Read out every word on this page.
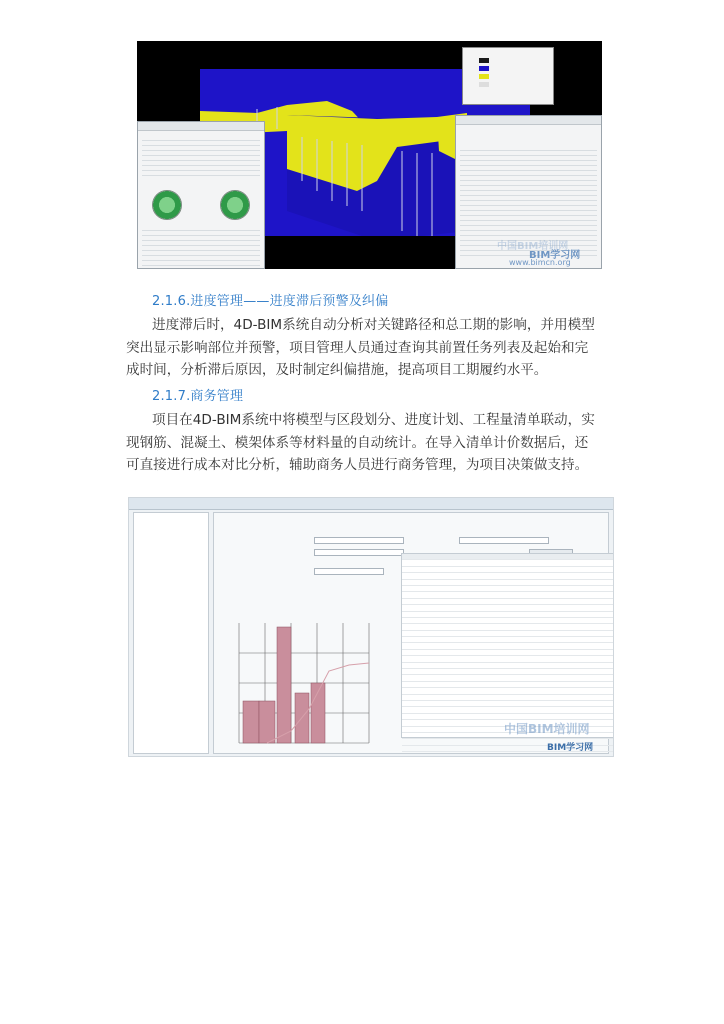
中国BIM培训网
BIM学习网
www.bimcn.org
2.1.6.进度管理——进度滞后预警及纠偏
进度滞后时，4D-BIM系统自动分析对关键路径和总工期的影响，并用模型
突出显示影响部位并预警，项目管理人员通过查询其前置任务列表及起始和完
成时间，分析滞后原因，及时制定纠偏措施，提高项目工期履约水平。
2.1.7.商务管理
项目在4D-BIM系统中将模型与区段划分、进度计划、工程量清单联动，实
现钢筋、混凝土、模架体系等材料量的自动统计。在导入清单计价数据后，还
可直接进行成本对比分析，辅助商务人员进行商务管理，为项目决策做支持。
中国BIM培训网
BIM学习网
